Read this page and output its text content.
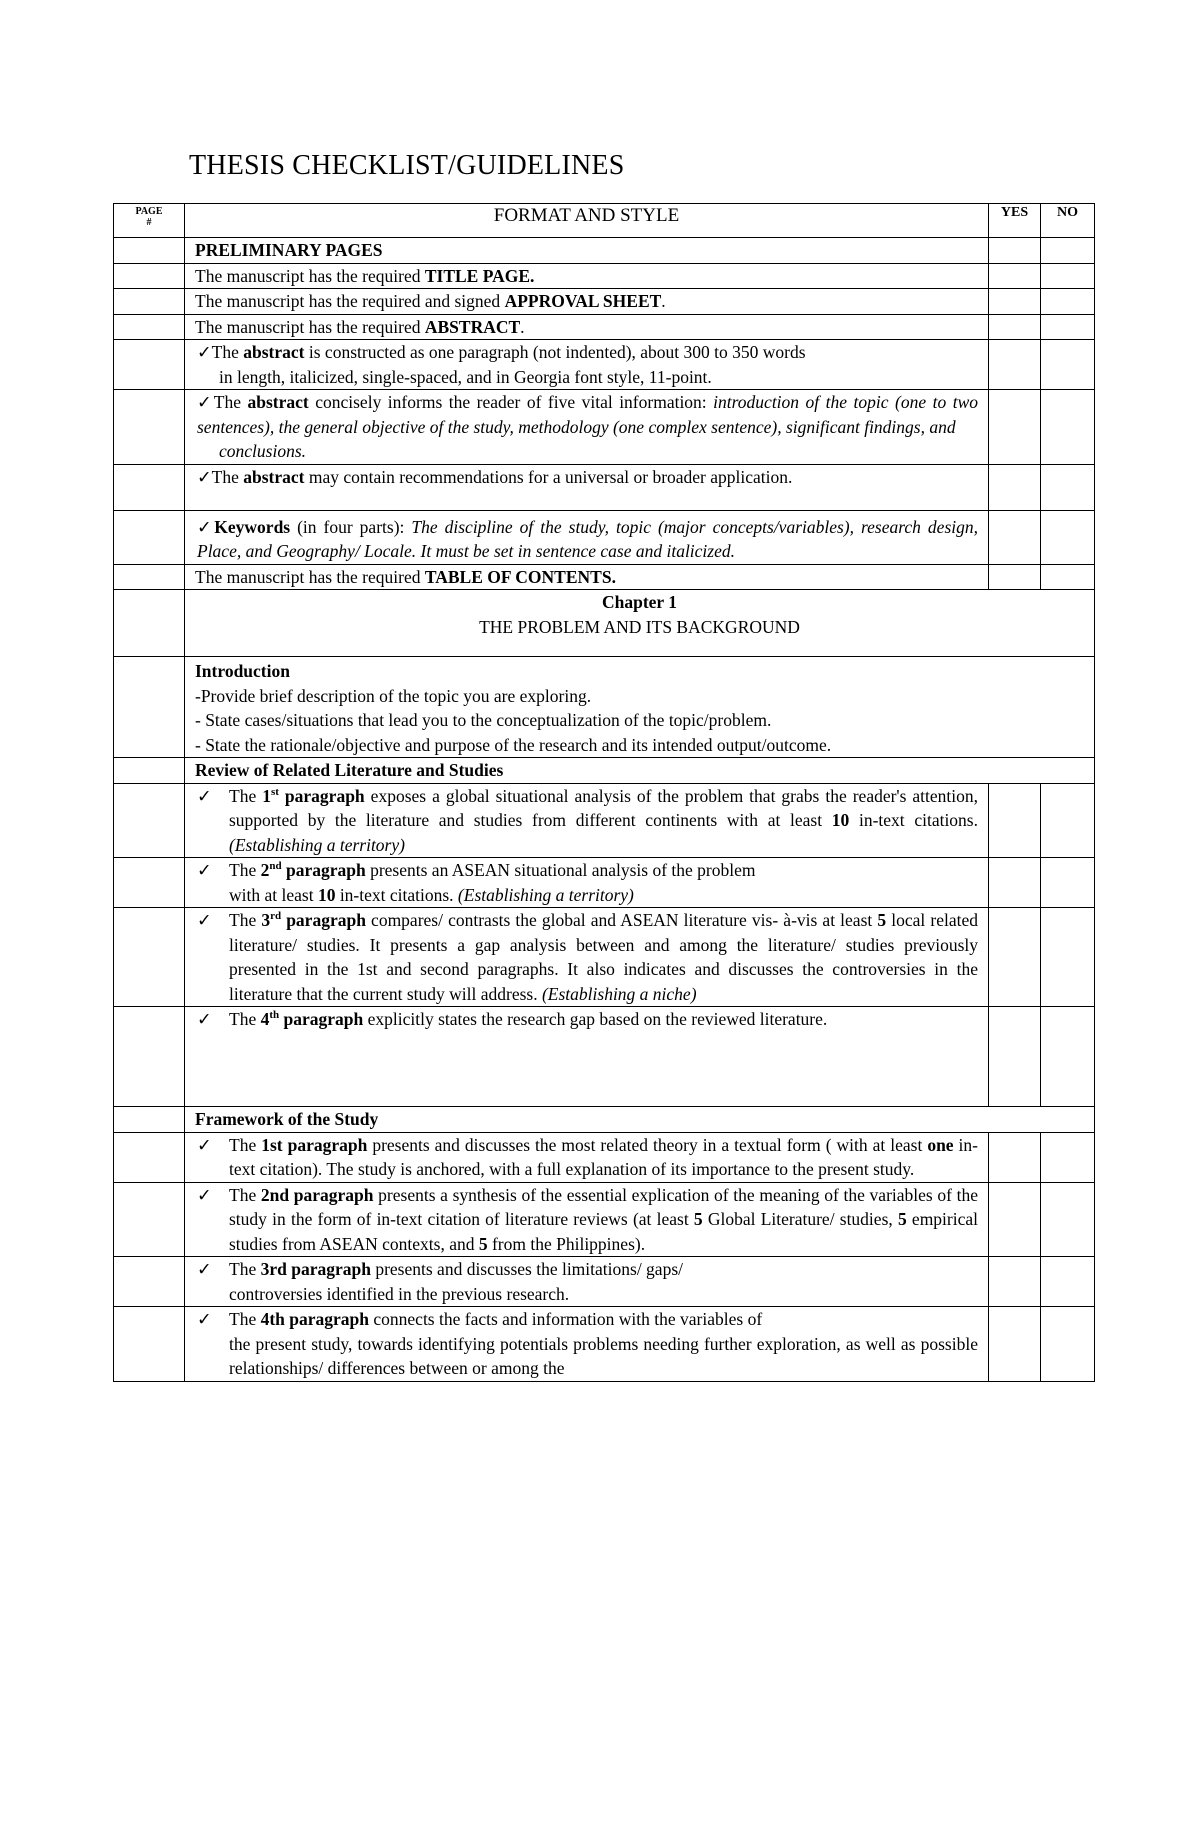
THESIS CHECKLIST/GUIDELINES
PAGE
#	FORMAT AND STYLE	YES	NO
	PRELIMINARY PAGES		
	The manuscript has the required TITLE PAGE.		
	The manuscript has the required and signed APPROVAL SHEET.		
	The manuscript has the required ABSTRACT.		
	✓The abstract is constructed as one paragraph (not indented), about 300 to 350 words
in length, italicized, single-spaced, and in Georgia font style, 11-point.		

	✓The abstract concisely informs the reader of five vital information: introduction of the topic (one to two sentences), the general objective of the study, methodology (one complex sentence), significant findings, and
conclusions.		

	✓The abstract may contain recommendations for a universal or broader application.		

	✓Keywords (in four parts): The discipline of the study, topic (major concepts/variables), research design, Place, and Geography/ Locale. It must be set in sentence case and italicized.		

	The manuscript has the required TABLE OF CONTENTS.		
	Chapter 1
THE PROBLEM AND ITS BACKGROUND		
	Introduction
-Provide brief description of the topic you are exploring.
- State cases/situations that lead you to the conceptualization of the topic/problem.
- State the rationale/objective and purpose of the research and its intended output/outcome.		
	Review of Related Literature and Studies		

	✓ The 1st paragraph exposes a global situational analysis of the problem that grabs the reader's attention, supported by the literature and studies from different continents with at least 10 in-text citations. (Establishing a territory)		

	✓ The 2nd paragraph presents an ASEAN situational analysis of the problem
with at least 10 in-text citations. (Establishing a territory)		

	✓ The 3rd paragraph compares/ contrasts the global and ASEAN literature vis- à-vis at least 5 local related literature/ studies. It presents a gap analysis between and among the literature/ studies previously presented in the 1st and second paragraphs. It also indicates and discusses the controversies in the literature that the current study will address. (Establishing a niche)		

	✓ The 4th paragraph explicitly states the research gap based on the reviewed literature.		

	Framework of the Study		

	✓ The 1st paragraph presents and discusses the most related theory in a textual form ( with at least one in-text citation). The study is anchored, with a full explanation of its importance to the present study.		

	✓ The 2nd paragraph presents a synthesis of the essential explication of the meaning of the variables of the study in the form of in-text citation of literature reviews (at least 5 Global Literature/ studies, 5 empirical studies from ASEAN contexts, and 5 from the Philippines).		

	✓ The 3rd paragraph presents and discusses the limitations/ gaps/
controversies identified in the previous research.		

	✓ The 4th paragraph connects the facts and information with the variables of
the present study, towards identifying potentials problems needing further exploration, as well as possible relationships/ differences between or among the		
